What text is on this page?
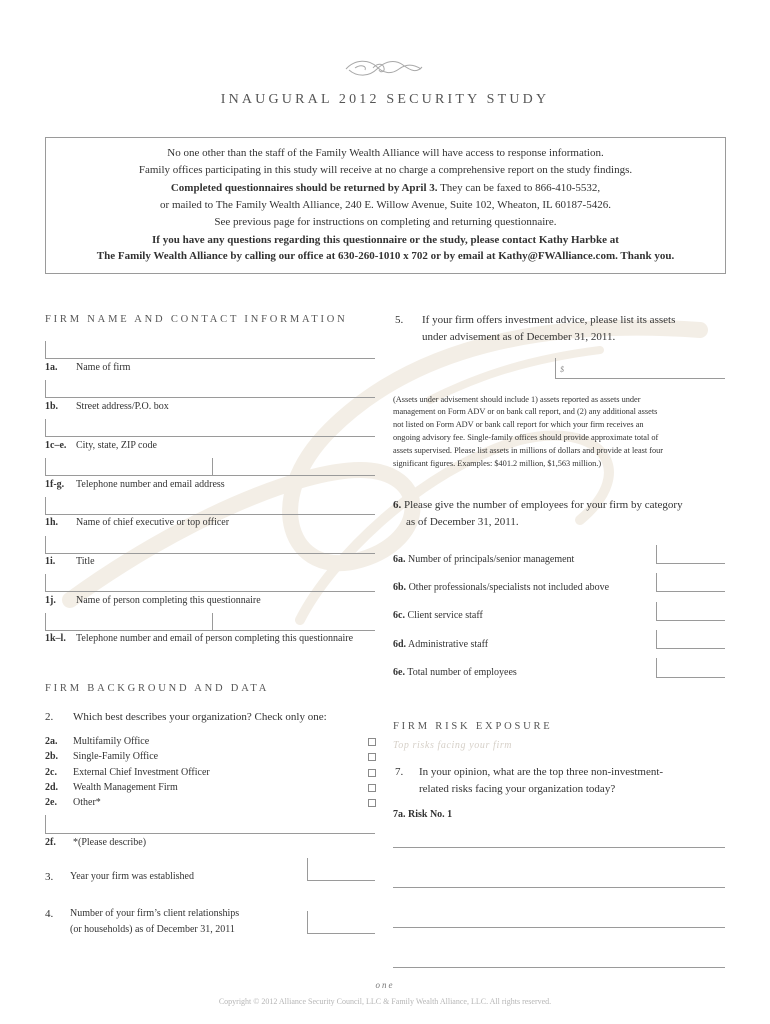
INAUGURAL 2012 SECURITY STUDY
No one other than the staff of the Family Wealth Alliance will have access to response information.
Family offices participating in this study will receive at no charge a comprehensive report on the study findings.
Completed questionnaires should be returned by April 3. They can be faxed to 866-410-5532,
or mailed to The Family Wealth Alliance, 240 E. Willow Avenue, Suite 102, Wheaton, IL 60187-5426.
See previous page for instructions on completing and returning questionnaire.
If you have any questions regarding this questionnaire or the study, please contact Kathy Harbke at
The Family Wealth Alliance by calling our office at 630-260-1010 x 702 or by email at Kathy@FWAlliance.com. Thank you.
FIRM NAME AND CONTACT INFORMATION
1a. Name of firm
1b. Street address/P.O. box
1c–e. City, state, ZIP code
1f-g. Telephone number and email address
1h. Name of chief executive or top officer
1i. Title
1j. Name of person completing this questionnaire
1k–l. Telephone number and email of person completing this questionnaire
FIRM BACKGROUND AND DATA
2. Which best describes your organization? Check only one:
2a. Multifamily Office
2b. Single-Family Office
2c. External Chief Investment Officer
2d. Wealth Management Firm
2e. Other*
2f. *(Please describe)
3. Year your firm was established
4. Number of your firm’s client relationships
(or households) as of December 31, 2011
5. If your firm offers investment advice, please list its assets
under advisement as of December 31, 2011.
$
(Assets under advisement should include 1) assets reported as assets under
management on Form ADV or on bank call report, and (2) any additional assets
not listed on Form ADV or bank call report for which your firm receives an
ongoing advisory fee. Single-family offices should provide approximate total of
assets supervised. Please list assets in millions of dollars and provide at least four
significant figures. Examples: $401.2 million, $1,563 million.)
6. Please give the number of employees for your firm by category
as of December 31, 2011.
6a. Number of principals/senior management
6b. Other professionals/specialists not included above
6c. Client service staff
6d. Administrative staff
6e. Total number of employees
FIRM RISK EXPOSURE
Top risks facing your firm
7. In your opinion, what are the top three non-investment-
related risks facing your organization today?
7a. Risk No. 1
one
Copyright © 2012 Alliance Security Council, LLC & Family Wealth Alliance, LLC. All rights reserved.
